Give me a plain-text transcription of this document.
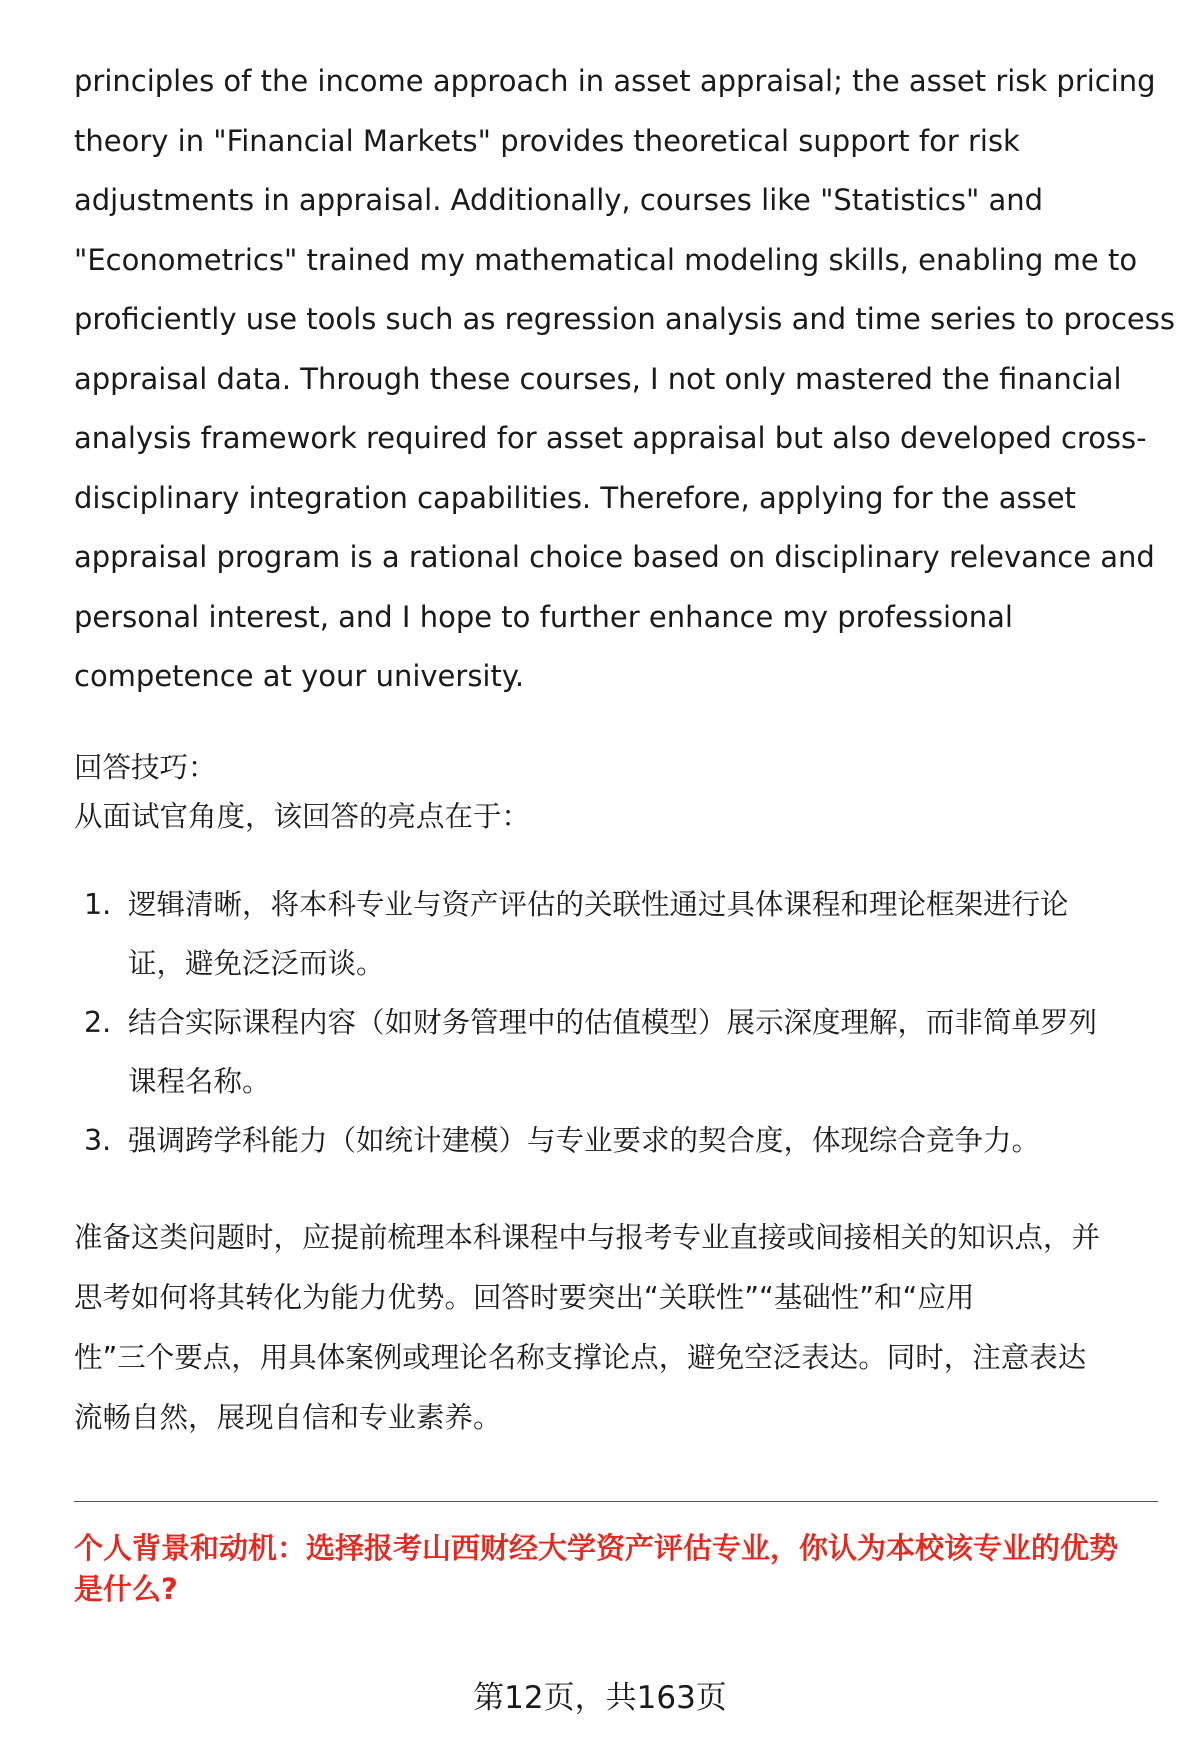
principles of the income approach in asset appraisal; the asset risk pricing
theory in "Financial Markets" provides theoretical support for risk
adjustments in appraisal. Additionally, courses like "Statistics" and
"Econometrics" trained my mathematical modeling skills, enabling me to
proficiently use tools such as regression analysis and time series to process
appraisal data. Through these courses, I not only mastered the financial
analysis framework required for asset appraisal but also developed cross-
disciplinary integration capabilities. Therefore, applying for the asset
appraisal program is a rational choice based on disciplinary relevance and
personal interest, and I hope to further enhance my professional
competence at your university.

回答技巧：

从面试官角度，该回答的亮点在于：

1. 逻辑清晰，将本科专业与资产评估的关联性通过具体课程和理论框架进行论
证，避免泛泛而谈。
2. 结合实际课程内容（如财务管理中的估值模型）展示深度理解，而非简单罗列
课程名称。
3. 强调跨学科能力（如统计建模）与专业要求的契合度，体现综合竞争力。
准备这类问题时，应提前梳理本科课程中与报考专业直接或间接相关的知识点，并
思考如何将其转化为能力优势。回答时要突出“关联性”“基础性”和“应用
性”三个要点，用具体案例或理论名称支撑论点，避免空泛表达。同时，注意表达
流畅自然，展现自信和专业素养。
个人背景和动机：选择报考山西财经大学资产评估专业，你认为本校该专业的优势
是什么?
第12页，共163页
